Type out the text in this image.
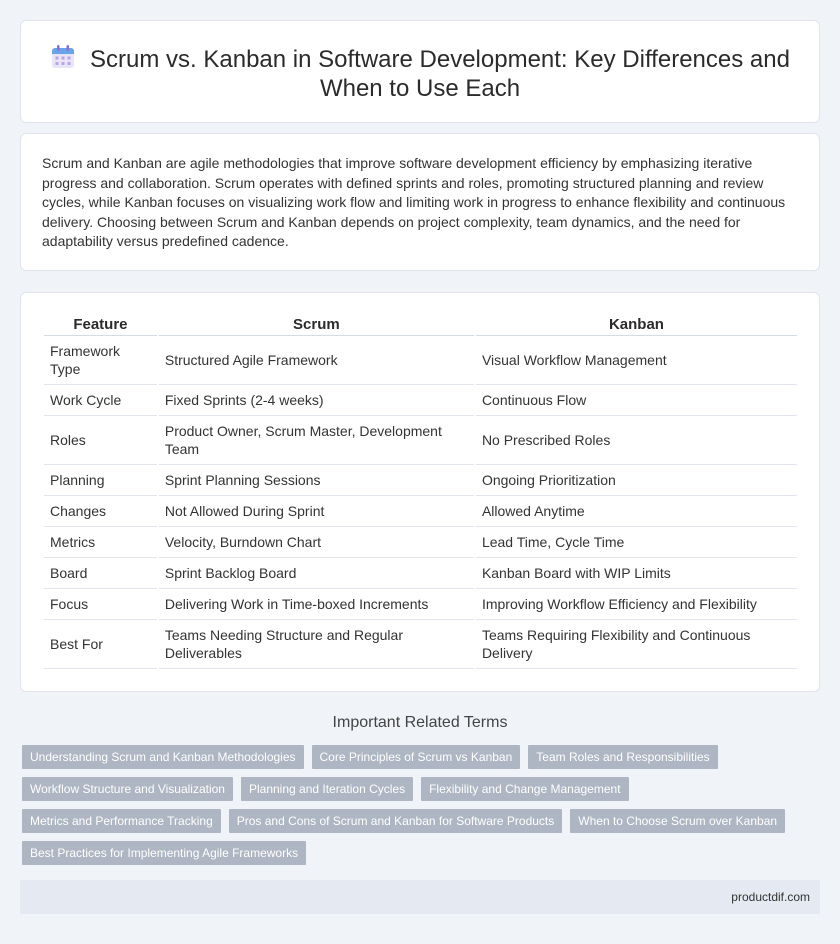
Scrum vs. Kanban in Software Development: Key Differences and When to Use Each

Scrum and Kanban are agile methodologies that improve software development efficiency by emphasizing iterative progress and collaboration. Scrum operates with defined sprints and roles, promoting structured planning and review cycles, while Kanban focuses on visualizing work flow and limiting work in progress to enhance flexibility and continuous delivery. Choosing between Scrum and Kanban depends on project complexity, team dynamics, and the need for adaptability versus predefined cadence.

Feature	Scrum	Kanban
Framework Type	Structured Agile Framework	Visual Workflow Management
Work Cycle	Fixed Sprints (2-4 weeks)	Continuous Flow
Roles	Product Owner, Scrum Master, Development Team	No Prescribed Roles
Planning	Sprint Planning Sessions	Ongoing Prioritization
Changes	Not Allowed During Sprint	Allowed Anytime
Metrics	Velocity, Burndown Chart	Lead Time, Cycle Time
Board	Sprint Backlog Board	Kanban Board with WIP Limits
Focus	Delivering Work in Time-boxed Increments	Improving Workflow Efficiency and Flexibility
Best For	Teams Needing Structure and Regular Deliverables	Teams Requiring Flexibility and Continuous Delivery
Important Related Terms
Understanding Scrum and Kanban Methodologies	Core Principles of Scrum vs Kanban	Team Roles and Responsibilities
Workflow Structure and Visualization	Planning and Iteration Cycles	Flexibility and Change Management
Metrics and Performance Tracking	Pros and Cons of Scrum and Kanban for Software Products	When to Choose Scrum over Kanban
Best Practices for Implementing Agile Frameworks
productdif.com
